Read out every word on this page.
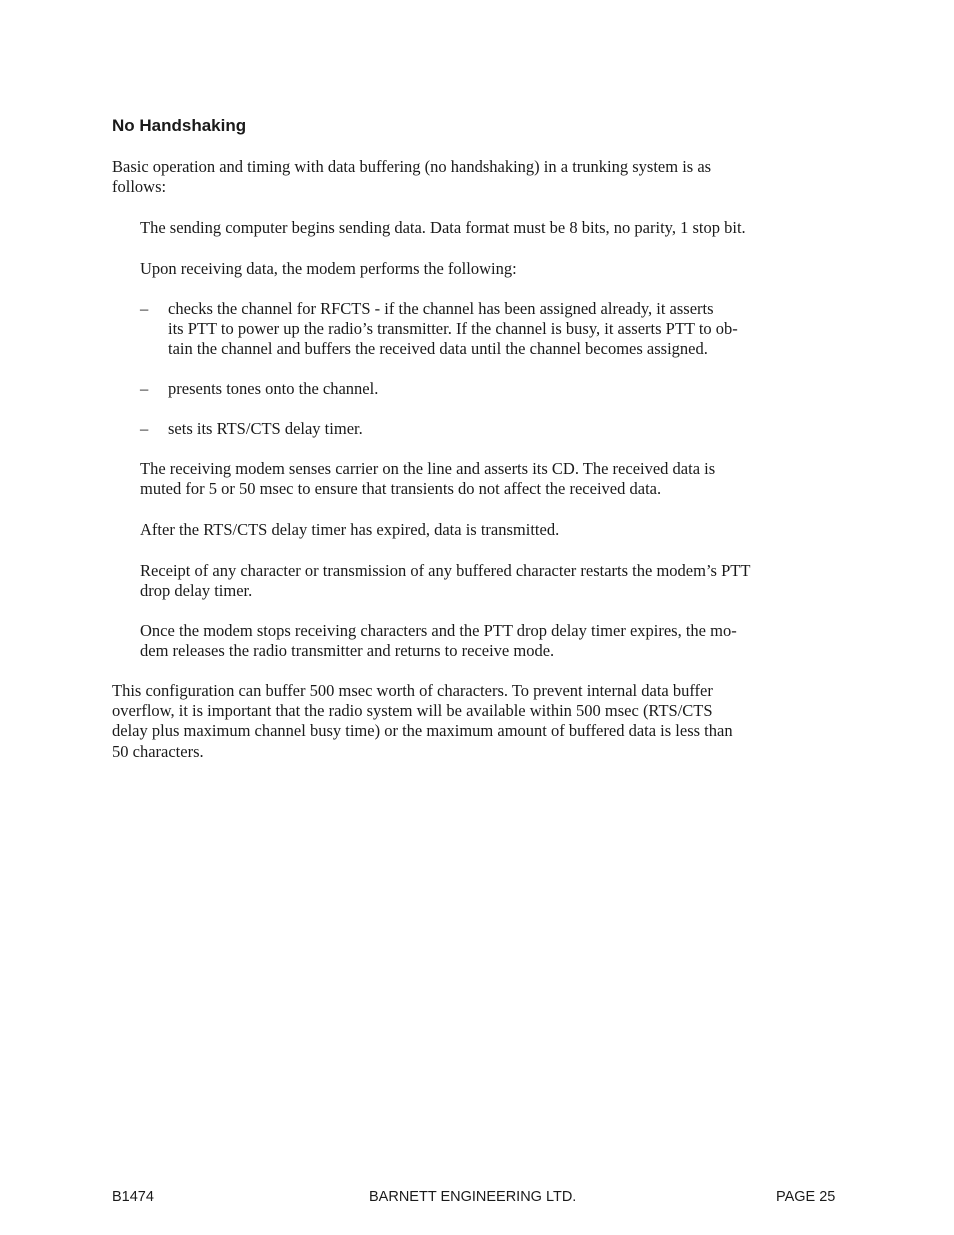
No Handshaking
Basic operation and timing with data buffering (no handshaking) in a trunking system is as
follows:
The sending computer begins sending data. Data format must be 8 bits, no parity, 1 stop bit.
Upon receiving data, the modem performs the following:
– checks the channel for RFCTS - if the channel has been assigned already, it asserts
its PTT to power up the radio’s transmitter. If the channel is busy, it asserts PTT to ob-
tain the channel and buffers the received data until the channel becomes assigned.
– presents tones onto the channel.
– sets its RTS/CTS delay timer.
The receiving modem senses carrier on the line and asserts its CD. The received data is
muted for 5 or 50 msec to ensure that transients do not affect the received data.
After the RTS/CTS delay timer has expired, data is transmitted.
Receipt of any character or transmission of any buffered character restarts the modem’s PTT
drop delay timer.
Once the modem stops receiving characters and the PTT drop delay timer expires, the mo-
dem releases the radio transmitter and returns to receive mode.
This configuration can buffer 500 msec worth of characters. To prevent internal data buffer
overflow, it is important that the radio system will be available within 500 msec (RTS/CTS
delay plus maximum channel busy time) or the maximum amount of buffered data is less than
50 characters.

B1474	BARNETT ENGINEERING LTD.	PAGE 25
